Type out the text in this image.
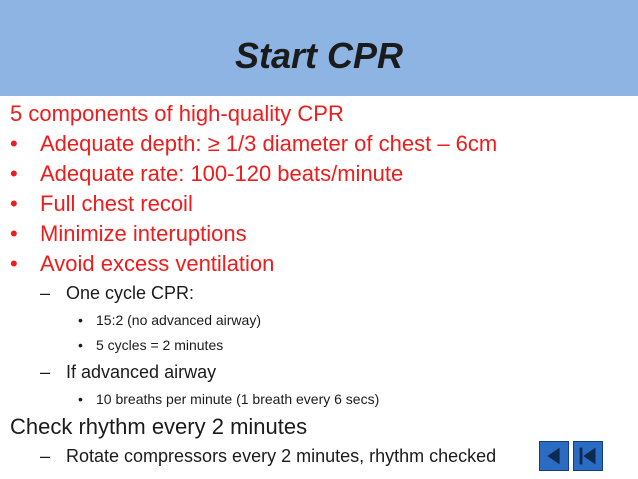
Start CPR
5 components of high-quality CPR
• Adequate depth: ≥ 1/3 diameter of chest – 6cm
• Adequate rate: 100-120 beats/minute
• Full chest recoil
• Minimize interuptions
• Avoid excess ventilation
– One cycle CPR:
• 15:2 (no advanced airway)
• 5 cycles = 2 minutes
– If advanced airway
• 10 breaths per minute (1 breath every 6 secs)
Check rhythm every 2 minutes
– Rotate compressors every 2 minutes, rhythm checked
